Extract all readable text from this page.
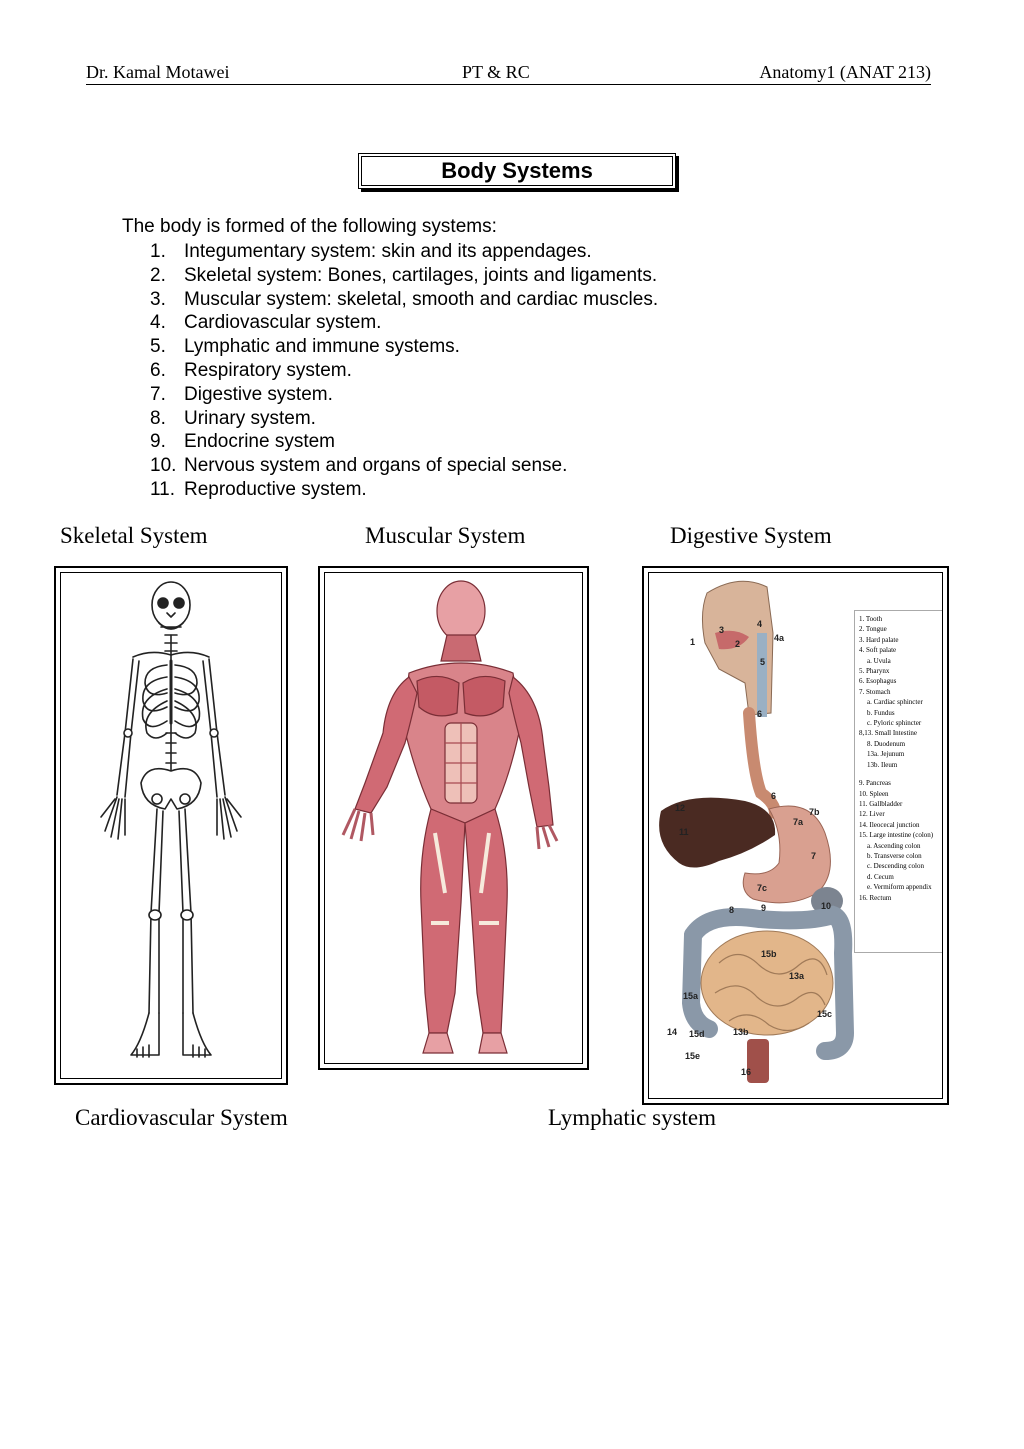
Dr. Kamal Motawei	PT & RC	Anatomy1 (ANAT 213)
Body Systems
The body is formed of the following systems:
1. Integumentary system: skin and its appendages.
2. Skeletal system: Bones, cartilages, joints and ligaments.
3. Muscular system: skeletal, smooth and cardiac muscles.
4. Cardiovascular system.
5. Lymphatic and immune systems.
6. Respiratory system.
7. Digestive system.
8. Urinary system.
9. Endocrine system
10. Nervous system and organs of special sense.
11. Reproductive system.
Skeletal System	Muscular System	Digestive System
1	2
3
4
4a
5
6
6
7b
7a
7
7c
8	9	10
11
12
15b
13a
15a
14 15d	13b
15c
15e
16
1. Tooth
2. Tongue
3. Hard palate
4. Soft palate
a. Uvula
5. Pharynx
6. Esophagus
7. Stomach
a. Cardiac sphincter
b. Fundus
c. Pyloric sphincter
8,13. Small Intestine
8. Duodenum
13a. Jejunum
13b. Ileum
9. Pancreas
10. Spleen
11. Gallbladder
12. Liver
14. Ileocecal junction
15. Large intestine (colon)
a. Ascending colon
b. Transverse colon
c. Descending colon
d. Cecum
e. Vermiform appendix
16. Rectum
Cardiovascular System	Lymphatic system
